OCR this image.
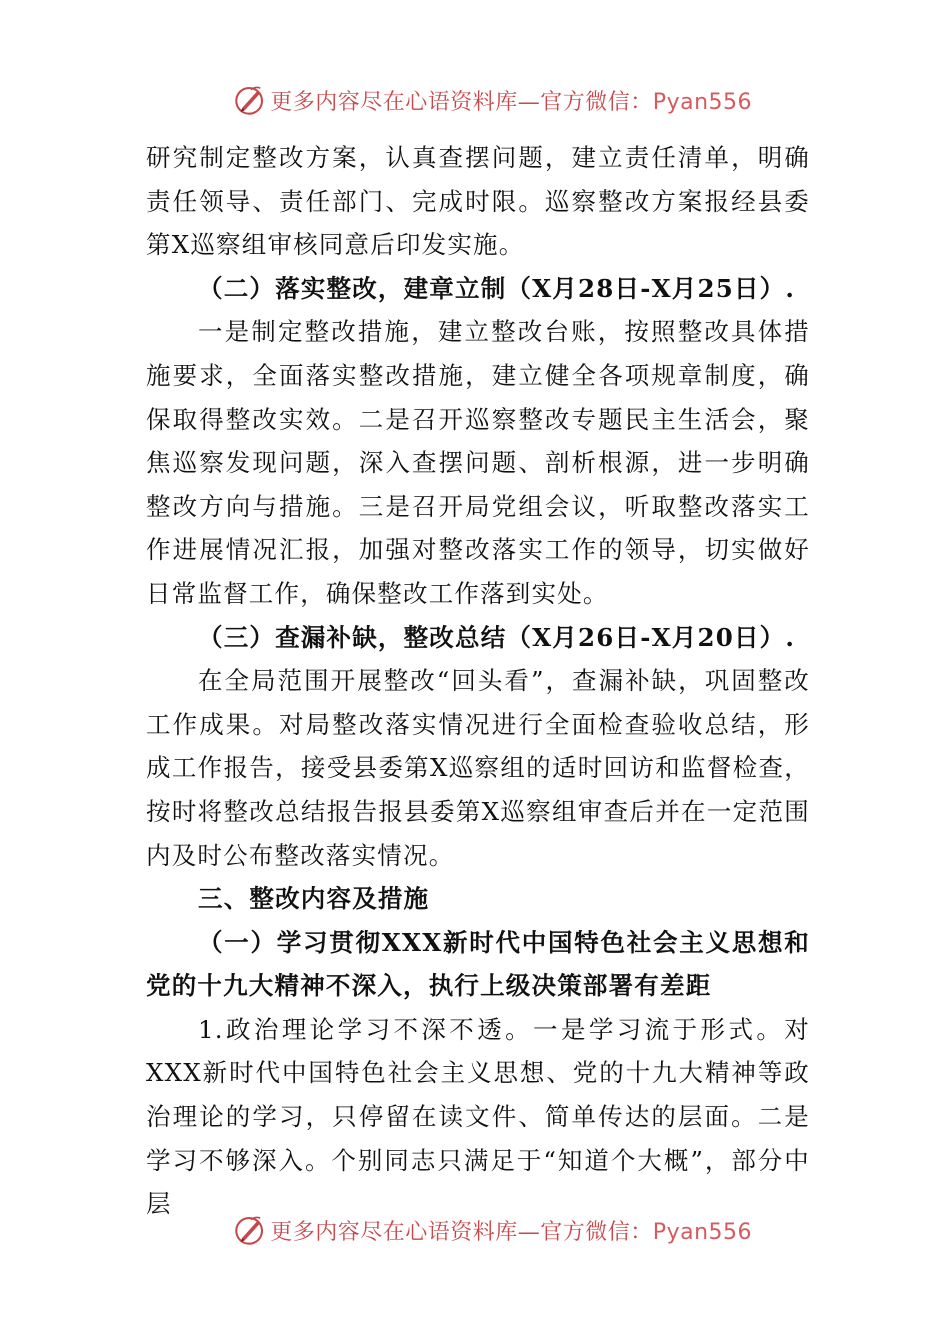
更多内容尽在心语资料库—官方微信：Pyan556

研究制定整改方案，认真查摆问题，建立责任清单，明确责任领导、责任部门、完成时限。巡察整改方案报经县委第X巡察组审核同意后印发实施。

（二）落实整改，建章立制（X月28日-X月25日）.

一是制定整改措施，建立整改台账，按照整改具体措施要求，全面落实整改措施，建立健全各项规章制度，确保取得整改实效。二是召开巡察整改专题民主生活会，聚焦巡察发现问题，深入查摆问题、剖析根源，进一步明确整改方向与措施。三是召开局党组会议，听取整改落实工作进展情况汇报，加强对整改落实工作的领导，切实做好日常监督工作，确保整改工作落到实处。

（三）查漏补缺，整改总结（X月26日-X月20日）.

在全局范围开展整改“回头看”，查漏补缺，巩固整改工作成果。对局整改落实情况进行全面检查验收总结，形成工作报告，接受县委第X巡察组的适时回访和监督检查，按时将整改总结报告报县委第X巡察组审查后并在一定范围内及时公布整改落实情况。

三、整改内容及措施

（一）学习贯彻XXX新时代中国特色社会主义思想和党的十九大精神不深入，执行上级决策部署有差距

1.政治理论学习不深不透。一是学习流于形式。对XXX新时代中国特色社会主义思想、党的十九大精神等政治理论的学习，只停留在读文件、简单传达的层面。二是学习不够深入。个别同志只满足于“知道个大概”，部分中层

更多内容尽在心语资料库—官方微信：Pyan556
